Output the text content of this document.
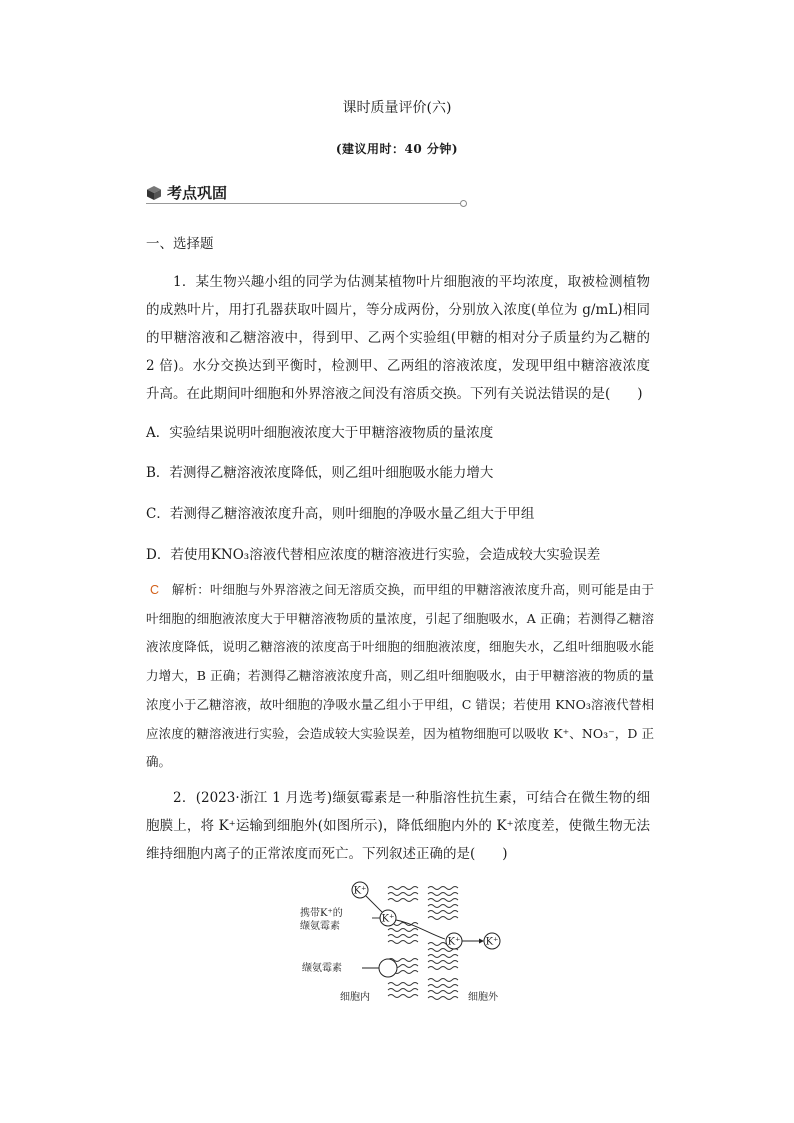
课时质量评价(六)
(建议用时：40 分钟)
考点巩固
一、选择题

1．某生物兴趣小组的同学为估测某植物叶片细胞液的平均浓度，取被检测植物的成熟叶片，用打孔器获取叶圆片，等分成两份，分别放入浓度(单位为 g/mL)相同的甲糖溶液和乙糖溶液中，得到甲、乙两个实验组(甲糖的相对分子质量约为乙糖的 2 倍)。水分交换达到平衡时，检测甲、乙两组的溶液浓度，发现甲组中糖溶液浓度升高。在此期间叶细胞和外界溶液之间没有溶质交换。下列有关说法错误的是(　　)

A．实验结果说明叶细胞液浓度大于甲糖溶液物质的量浓度
B．若测得乙糖溶液浓度降低，则乙组叶细胞吸水能力增大
C．若测得乙糖溶液浓度升高，则叶细胞的净吸水量乙组大于甲组
D．若使用KNO₃溶液代替相应浓度的糖溶液进行实验，会造成较大实验误差

C　解析：叶细胞与外界溶液之间无溶质交换，而甲组的甲糖溶液浓度升高，则可能是由于叶细胞的细胞液浓度大于甲糖溶液物质的量浓度，引起了细胞吸水，A 正确；若测得乙糖溶液浓度降低，说明乙糖溶液的浓度高于叶细胞的细胞液浓度，细胞失水，乙组叶细胞吸水能力增大，B 正确；若测得乙糖溶液浓度升高，则乙组叶细胞吸水，由于甲糖溶液的物质的量浓度小于乙糖溶液，故叶细胞的净吸水量乙组小于甲组，C 错误；若使用 KNO₃溶液代替相应浓度的糖溶液进行实验，会造成较大实验误差，因为植物细胞可以吸收 K⁺、NO₃⁻，D 正确。

2．(2023·浙江 1 月选考)缬氨霉素是一种脂溶性抗生素，可结合在微生物的细胞膜上，将 K⁺运输到细胞外(如图所示)，降低细胞内外的 K⁺浓度差，使微生物无法维持细胞内离子的正常浓度而死亡。下列叙述正确的是(　　)

K⁺
K⁺
K⁺	K⁺
携带K⁺的
缬氨霉素
缬氨霉素
细胞内	细胞外
